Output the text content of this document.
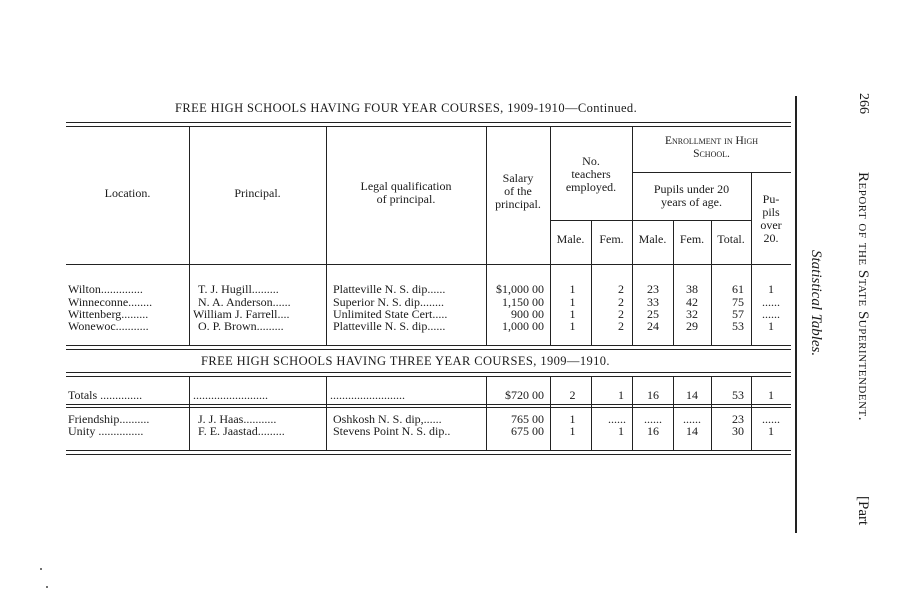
FREE HIGH SCHOOLS HAVING FOUR YEAR COURSES, 1909-1910—Continued.
Location.	Principal.	Legal qualification
of principal.
Salary
of the
principal.
No.
teachers
employed.
Enrollment in High
School.
Pupils under 20
years of age.	Pu-
pils
over
20.
Male.	Fem.	Male.	Fem.	Total.
Wilton..............	T. J. Hugill.........	Platteville N. S. dip......	$1,000 00	1	2	23	38	61	1
Winneconne........	N. A. Anderson......	Superior N. S. dip........	1,150 00	1	2	33	42	75	......
Wittenberg.........	William J. Farrell....	Unlimited State Cert.....	900 00	1	2	25	32	57	......
Wonewoc...........	O. P. Brown.........	Platteville N. S. dip......	1,000 00	1	2	24	29	53	1
FREE HIGH SCHOOLS HAVING THREE YEAR COURSES, 1909—1910.
Totals ..............	.........................	.........................	$720 00	2	1	16	14	53	1
Friendship..........	J. J. Haas...........	Oshkosh N. S. dip,......	765 00	1	......	......	......	23	......
Unity ...............	F. E. Jaastad.........	Stevens Point N. S. dip..	675 00	1	1	16	14	30	1
Statistical Tables.
266
Report of the State Superintendent.
[Part
